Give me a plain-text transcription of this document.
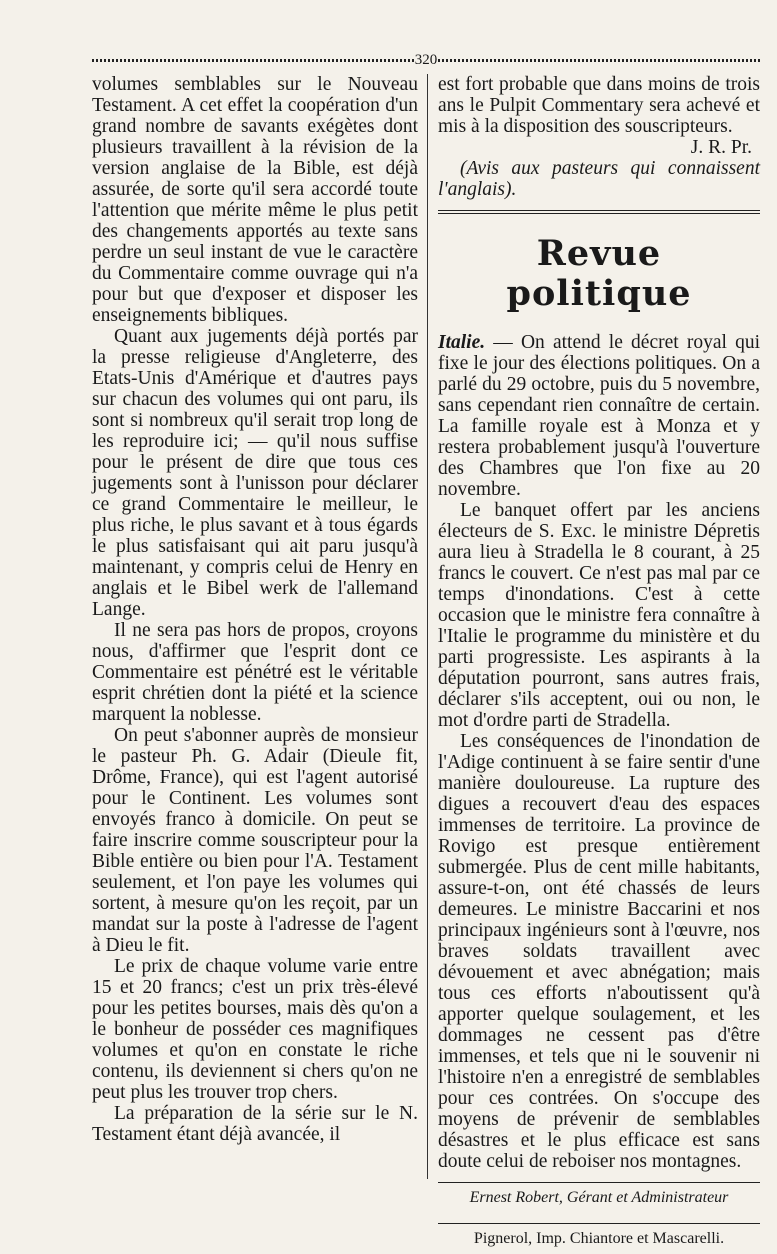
320

volumes semblables sur le Nouveau Testament. A cet effet la coopération d'un grand nombre de savants exégètes dont plusieurs travaillent à la révision de la version anglaise de la Bible, est déjà assurée, de sorte qu'il sera accordé toute l'attention que mérite même le plus petit des changements apportés au texte sans perdre un seul instant de vue le caractère du Commentaire comme ouvrage qui n'a pour but que d'exposer et disposer les enseignements bibliques.

Quant aux jugements déjà portés par la presse religieuse d'Angleterre, des Etats-Unis d'Amérique et d'autres pays sur chacun des volumes qui ont paru, ils sont si nombreux qu'il serait trop long de les reproduire ici; — qu'il nous suffise pour le présent de dire que tous ces jugements sont à l'unisson pour déclarer ce grand Commentaire le meilleur, le plus riche, le plus savant et à tous égards le plus satisfaisant qui ait paru jusqu'à maintenant, y compris celui de Henry en anglais et le Bibel werk de l'allemand Lange.

Il ne sera pas hors de propos, croyons nous, d'affirmer que l'esprit dont ce Commentaire est pénétré est le véritable esprit chrétien dont la piété et la science marquent la noblesse.

On peut s'abonner auprès de monsieur le pasteur Ph. G. Adair (Dieule fit, Drôme, France), qui est l'agent autorisé pour le Continent. Les volumes sont envoyés franco à domicile. On peut se faire inscrire comme souscripteur pour la Bible entière ou bien pour l'A. Testament seulement, et l'on paye les volumes qui sortent, à mesure qu'on les reçoit, par un mandat sur la poste à l'adresse de l'agent à Dieu le fit.

Le prix de chaque volume varie entre 15 et 20 francs; c'est un prix très-élevé pour les petites bourses, mais dès qu'on a le bonheur de posséder ces magnifiques volumes et qu'on en constate le riche contenu, ils deviennent si chers qu'on ne peut plus les trouver trop chers.

La préparation de la série sur le N. Testament étant déjà avancée, il

est fort probable que dans moins de trois ans le Pulpit Commentary sera achevé et mis à la disposition des souscripteurs.

J. R. Pr.

(Avis aux pasteurs qui connaissent l'anglais).

Revue politique

Italie. — On attend le décret royal qui fixe le jour des élections politiques. On a parlé du 29 octobre, puis du 5 novembre, sans cependant rien connaître de certain. La famille royale est à Monza et y restera probablement jusqu'à l'ouverture des Chambres que l'on fixe au 20 novembre.

Le banquet offert par les anciens électeurs de S. Exc. le ministre Dépretis aura lieu à Stradella le 8 courant, à 25 francs le couvert. Ce n'est pas mal par ce temps d'inondations. C'est à cette occasion que le ministre fera connaître à l'Italie le programme du ministère et du parti progressiste. Les aspirants à la députation pourront, sans autres frais, déclarer s'ils acceptent, oui ou non, le mot d'ordre parti de Stradella.

Les conséquences de l'inondation de l'Adige continuent à se faire sentir d'une manière douloureuse. La rupture des digues a recouvert d'eau des espaces immenses de territoire. La province de Rovigo est presque entièrement submergée. Plus de cent mille habitants, assure-t-on, ont été chassés de leurs demeures. Le ministre Baccarini et nos principaux ingénieurs sont à l'œuvre, nos braves soldats travaillent avec dévouement et avec abnégation; mais tous ces efforts n'aboutissent qu'à apporter quelque soulagement, et les dommages ne cessent pas d'être immenses, et tels que ni le souvenir ni l'histoire n'en a enregistré de semblables pour ces contrées. On s'occupe des moyens de prévenir de semblables désastres et le plus efficace est sans doute celui de reboiser nos montagnes.

Ernest Robert, Gérant et Administrateur
Pignerol, Imp. Chiantore et Mascarelli.
